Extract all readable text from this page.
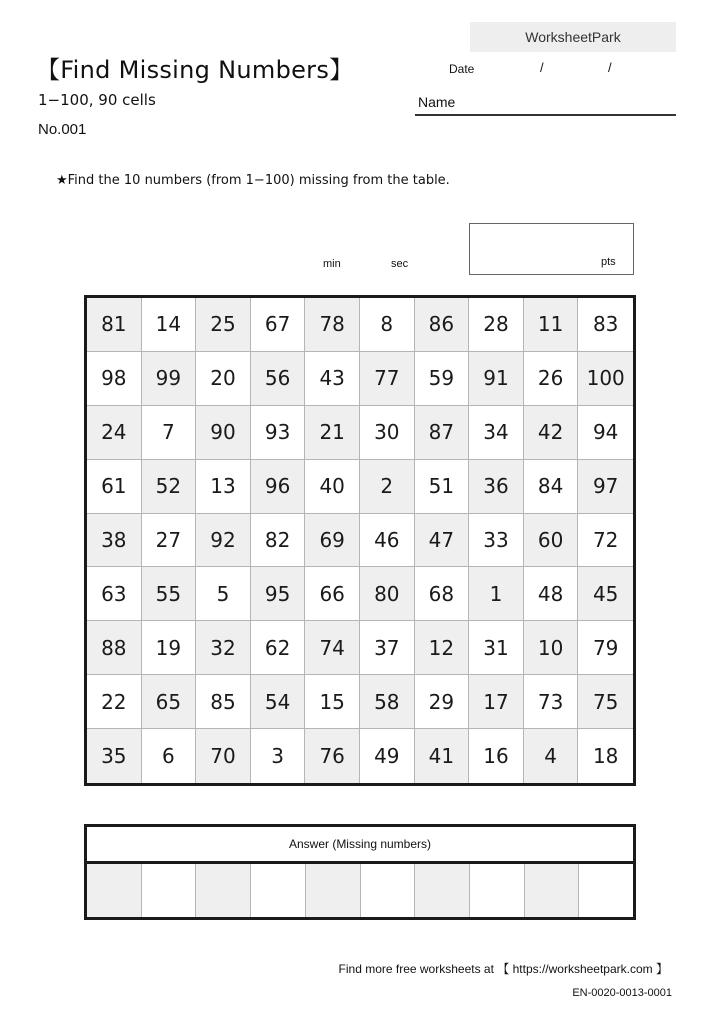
WorksheetPark
【Find Missing Numbers】
1−100, 90 cells
No.001
Date	/	/
Name
★Find the 10 numbers (from 1−100) missing from the table.
min	sec	pts
81	14	25	67	78	8	86	28	11	83
98	99	20	56	43	77	59	91	26	100
24	7	90	93	21	30	87	34	42	94
61	52	13	96	40	2	51	36	84	97
38	27	92	82	69	46	47	33	60	72
63	55	5	95	66	80	68	1	48	45
88	19	32	62	74	37	12	31	10	79
22	65	85	54	15	58	29	17	73	75
35	6	70	3	76	49	41	16	4	18
Answer (Missing numbers)
Find more free worksheets at 【 https://worksheetpark.com 】
EN-0020-0013-0001
